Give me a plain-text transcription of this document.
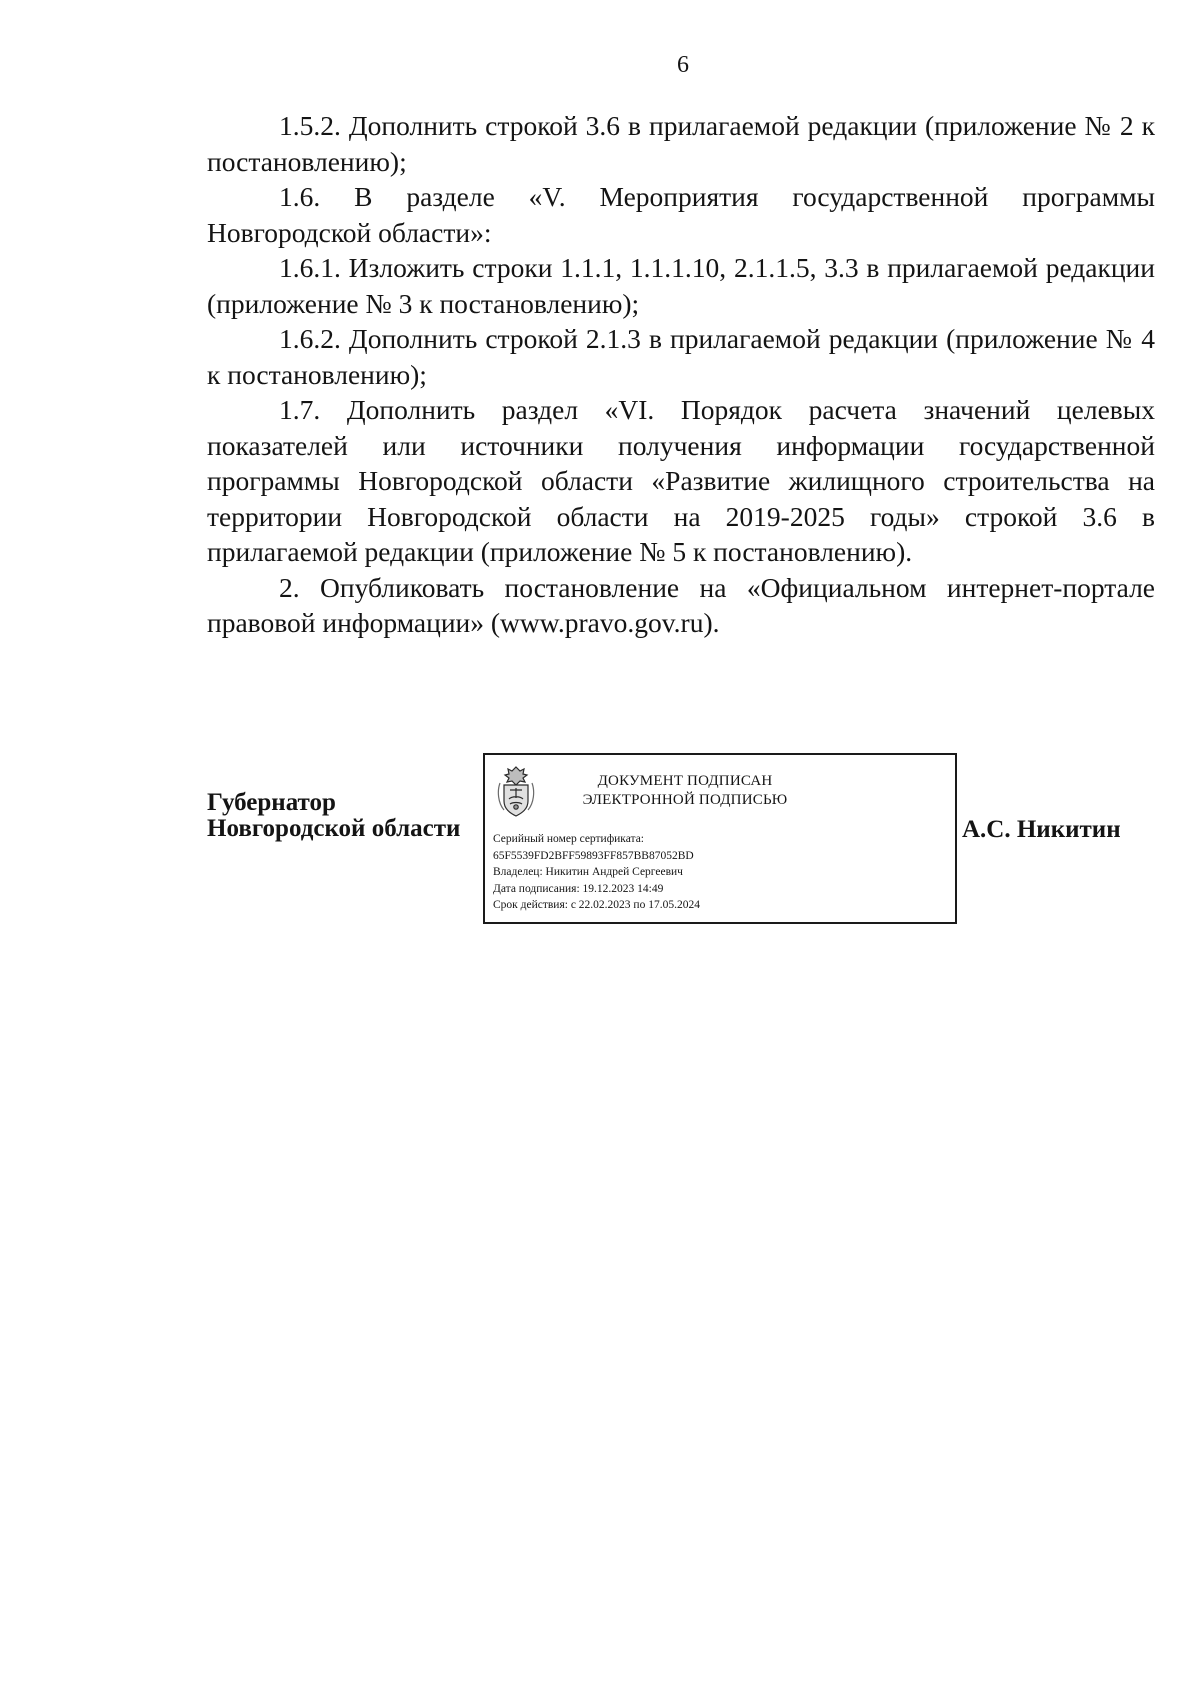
6

1.5.2. Дополнить строкой 3.6 в прилагаемой редакции (приложение № 2 к постановлению);

1.6. В разделе «V. Мероприятия государственной программы Новгородской области»:

1.6.1. Изложить строки 1.1.1, 1.1.1.10, 2.1.1.5, 3.3 в прилагаемой редакции (приложение № 3 к постановлению);

1.6.2. Дополнить строкой 2.1.3 в прилагаемой редакции (приложение № 4 к постановлению);

1.7. Дополнить раздел «VI. Порядок расчета значений целевых показателей или источники получения информации государственной программы Новгородской области «Развитие жилищного строительства на территории Новгородской области на 2019-2025 годы» строкой 3.6 в прилагаемой редакции (приложение № 5 к постановлению).

2. Опубликовать постановление на «Официальном интернет-портале правовой информации» (www.pravo.gov.ru).

Губернатор
Новгородской области
ДОКУМЕНТ ПОДПИСАН
ЭЛЕКТРОННОЙ ПОДПИСЬЮ
Серийный номер сертификата:
65F5539FD2BFF59893FF857BB87052BD
Владелец: Никитин Андрей Сергеевич
Дата подписания: 19.12.2023 14:49
Срок действия: с 22.02.2023 по 17.05.2024
А.С. Никитин
